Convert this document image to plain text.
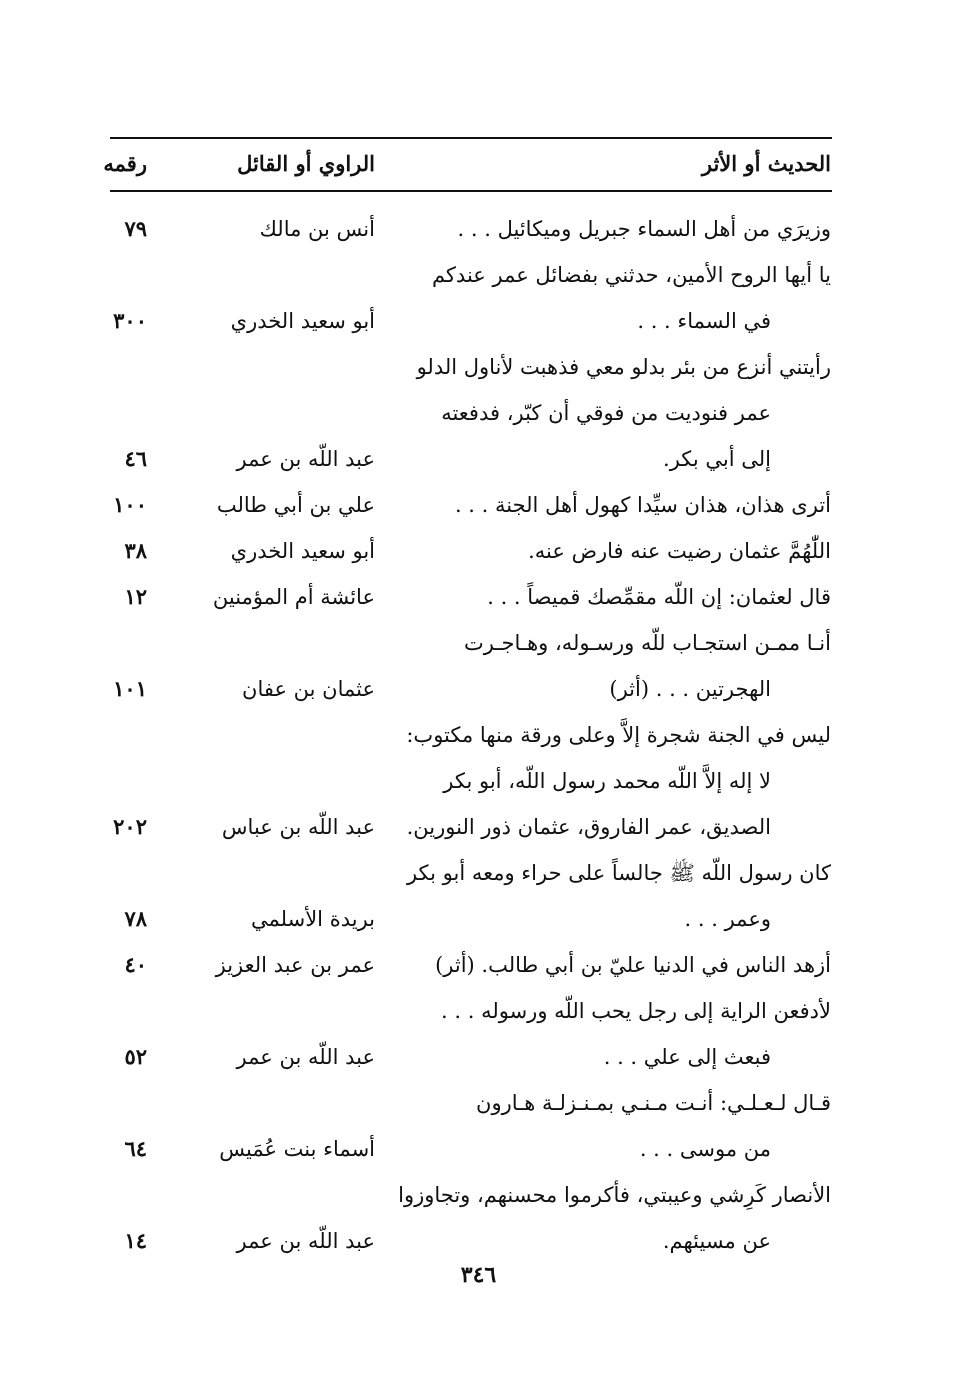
الحديث أو الأثر
الراوي أو القائل
رقمه
وزيرَي من أهل السماء جبريل وميكائيل . . .
أنس بن مالك
٧٩
يا أيها الروح الأمين، حدثني بفضائل عمر عندكم
في السماء . . .
أبو سعيد الخدري
٣٠٠
رأيتني أنزع من بئر بدلو معي فذهبت لأناول الدلو
عمر فنوديت من فوقي أن كبّر، فدفعته
إلى أبي بكر.
عبد اللّه بن عمر
٤٦
أترى هذان، هذان سيِّدا كهول أهل الجنة . . .
علي بن أبي طالب
١٠٠
اللّٰهُمَّ عثمان رضيت عنه فارض عنه.
أبو سعيد الخدري
٣٨
قال لعثمان: إن اللّه مقمِّصك قميصاً . . .
عائشة أم المؤمنين
١٢
أنـا ممـن استجـاب للّه ورسـوله، وهـاجـرت
الهجرتين . . . (أثر)
عثمان بن عفان
١٠١
ليس في الجنة شجرة إلاَّ وعلى ورقة منها مكتوب:
لا إله إلاَّ اللّه محمد رسول اللّه، أبو بكر
الصديق، عمر الفاروق، عثمان ذور النورين.
عبد اللّه بن عباس
٢٠٢
كان رسول اللّه ﷺ جالساً على حراء ومعه أبو بكر
وعمر . . .
بريدة الأسلمي
٧٨
أزهد الناس في الدنيا عليّ بن أبي طالب. (أثر)
عمر بن عبد العزيز
٤٠
لأدفعن الراية إلى رجل يحب اللّه ورسوله . . .
فبعث إلى علي . . .
عبد اللّه بن عمر
٥٢
قـال لـعـلـي: أنـت مـنـي بمـنـزلـة هـارون
من موسى . . .
أسماء بنت عُمَيس
٦٤
الأنصار كَرِشي وعيبتي، فأكرموا محسنهم، وتجاوزوا
عن مسيئهم.
عبد اللّه بن عمر
١٤
٣٤٦
